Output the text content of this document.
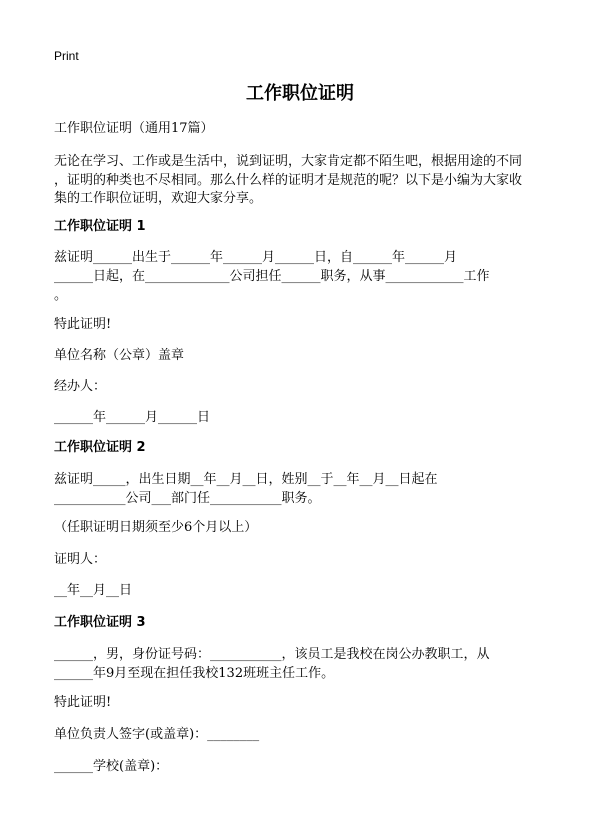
Print
工作职位证明
工作职位证明（通用17篇）
无论在学习、工作或是生活中，说到证明，大家肯定都不陌生吧，根据用途的不同
，证明的种类也不尽相同。那么什么样的证明才是规范的呢？以下是小编为大家收
集的工作职位证明，欢迎大家分享。
工作职位证明 1
兹证明______出生于______年______月______日，自______年______月
______日起，在_____________公司担任______职务，从事____________工作
。
特此证明!
单位名称（公章）盖章
经办人：
______年______月______日
工作职位证明 2
兹证明_____，出生日期__年__月__日，姓别__于__年__月__日起在
___________公司___部门任___________职务。
（任职证明日期须至少6个月以上）
证明人：
__年__月__日
工作职位证明 3
______，男，身份证号码：___________，该员工是我校在岗公办教职工，从
______年9月至现在担任我校132班班主任工作。
特此证明!
单位负责人签字(或盖章)：________
______学校(盖章)：
